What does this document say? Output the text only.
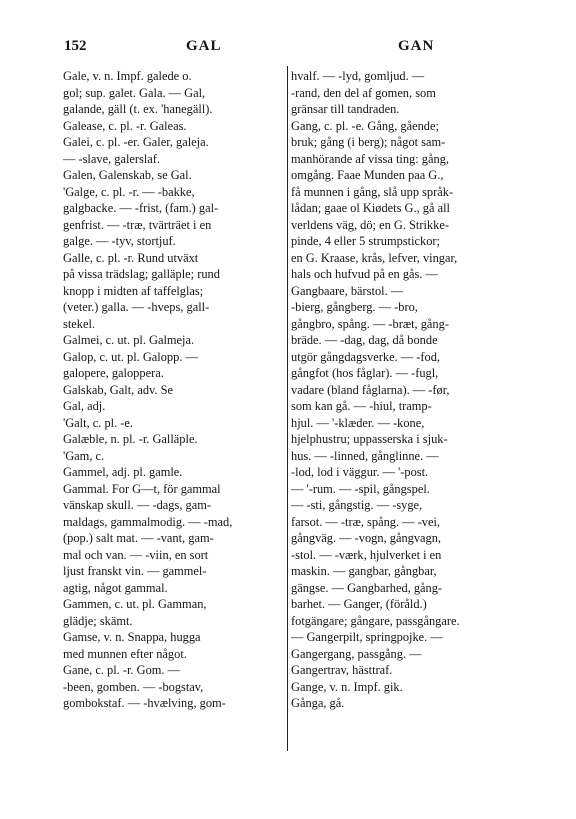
152	GAL	GAN
Gale, v. n. Impf. galede o.
gol; sup. galet. Gala. — Gal,
galande, gäll (t. ex. 'hanegäll).
Galease, c. pl. -r. Galeas.
Galei, c. pl. -er. Galer, galeja.
— -slave, galerslaf.
Galen, Galenskab, se Gal.
'Galge, c. pl. -r. — -bakke,
galgbacke. — -frist, (fam.) gal-
genfrist. — -træ, tvärträet i en
galge. — -tyv, stortjuf.
Galle, c. pl. -r. Rund utväxt
på vissa trädslag; galläple; rund
knopp i midten af taffelglas;
(veter.) galla. — -hveps, gall-
stekel.
Galmei, c. ut. pl. Galmeja.
Galop, c. ut. pl. Galopp. —
galopere, galoppera.
Galskab, Galt, adv. Se
Gal, adj.
'Galt, c. pl. -e.
Galæble, n. pl. -r. Galläple.
'Gam, c.
Gammel, adj. pl. gamle.
Gammal. For G—t, för gammal
vänskap skull. — -dags, gam-
maldags, gammalmodig. — -mad,
(pop.) salt mat. — -vant, gam-
mal och van. — -viin, en sort
ljust franskt vin. — gammel-
agtig, något gammal.
Gammen, c. ut. pl. Gamman,
glädje; skämt.
Gamse, v. n. Snappa, hugga
med munnen efter något.
Gane, c. pl. -r. Gom. —
-been, gomben. — -bogstav,
gombokstaf. — -hvælving, gom-
hvalf. — -lyd, gomljud. —
-rand, den del af gomen, som
gränsar till tandraden.
Gang, c. pl. -e. Gång, gående;
bruk; gång (i berg); något sam-
manhörande af vissa ting: gång,
omgång. Faae Munden paa G.,
få munnen i gång, slå upp språk-
lådan; gaae ol Kiødets G., gå all
verldens väg, dö; en G. Strikke-
pinde, 4 eller 5 strumpstickor;
en G. Kraase, krås, lefver, vingar,
hals och hufvud på en gås. —
Gangbaare, bärstol. —
-bierg, gångberg. — -bro,
gångbro, spång. — -bræt, gång-
bräde. — -dag, dag, då bonde
utgör gångdagsverke. — -fod,
gångfot (hos fåglar). — -fugl,
vadare (bland fåglarna). — -før,
som kan gå. — -hiul, tramp-
hjul. — '-klæder. — -kone,
hjelphustru; uppasserska i sjuk-
hus. — -linned, gånglinne. —
-lod, lod i väggur. — '-post.
— '-rum. — -spil, gångspel.
— -sti, gångstig. — -syge,
farsot. — -træ, spång. — -vei,
gångväg. — -vogn, gångvagn,
-stol. — -værk, hjulverket i en
maskin. — gangbar, gångbar,
gängse. — Gangbarhed, gång-
barhet. — Ganger, (föråld.)
fotgängare; gångare, passgångare.
— Gangerpilt, springpojke. —
Gangergang, passgång. —
Gangertrav, hästtraf.
Gange, v. n. Impf. gik.
Gånga, gå.
